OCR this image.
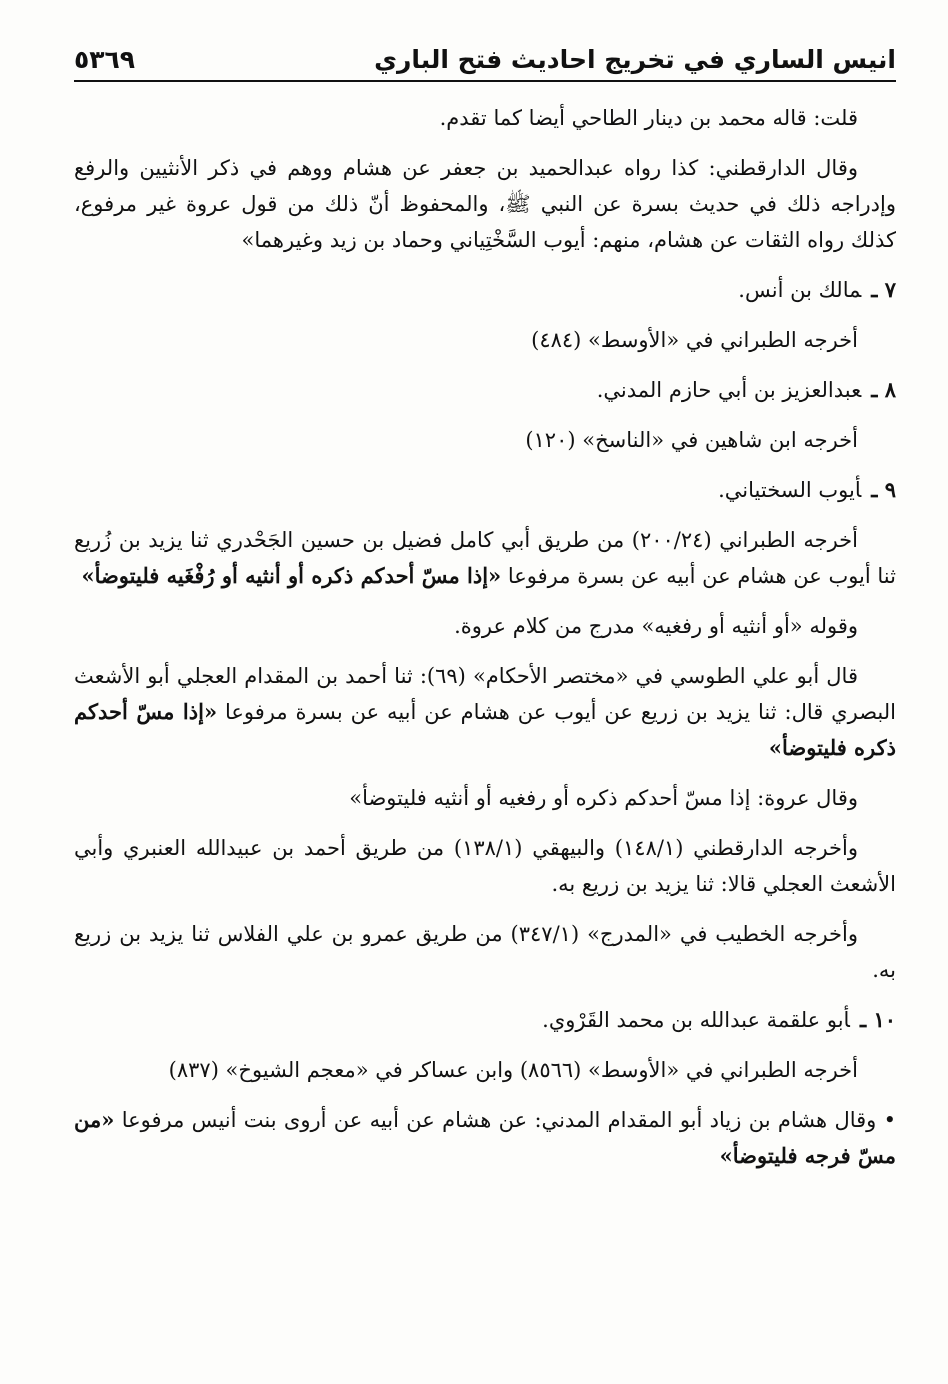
انيس الساري في تخريج احاديث فتح الباري
٥٣٦٩

قلت: قاله محمد بن دينار الطاحي أيضا كما تقدم.

وقال الدارقطني: كذا رواه عبدالحميد بن جعفر عن هشام ووهم في ذكر الأنثيين والرفع وإدراجه ذلك في حديث بسرة عن النبي ﷺ، والمحفوظ أنّ ذلك من قول عروة غير مرفوع، كذلك رواه الثقات عن هشام، منهم: أيوب السَّخْتِياني وحماد بن زيد وغيرهما»

٧ ـمالك بن أنس.

أخرجه الطبراني في «الأوسط» (٤٨٤)

٨ ـعبدالعزيز بن أبي حازم المدني.

أخرجه ابن شاهين في «الناسخ» (١٢٠)

٩ ـأيوب السختياني.

أخرجه الطبراني (٢٠٠/٢٤) من طريق أبي كامل فضيل بن حسين الجَحْدري ثنا يزيد بن زُريع ثنا أيوب عن هشام عن أبيه عن بسرة مرفوعا «إذا مسّ أحدكم ذكره أو أنثيه أو رُفْغَيه فليتوضأ»

وقوله «أو أنثيه أو رفغيه» مدرج من كلام عروة.

قال أبو علي الطوسي في «مختصر الأحكام» (٦٩): ثنا أحمد بن المقدام العجلي أبو الأشعث البصري قال: ثنا يزيد بن زريع عن أيوب عن هشام عن أبيه عن بسرة مرفوعا «إذا مسّ أحدكم ذكره فليتوضأ»

وقال عروة: إذا مسّ أحدكم ذكره أو رفغيه أو أنثيه فليتوضأ»

وأخرجه الدارقطني (١٤٨/١) والبيهقي (١٣٨/١) من طريق أحمد بن عبيدالله العنبري وأبي الأشعث العجلي قالا: ثنا يزيد بن زريع به.

وأخرجه الخطيب في «المدرج» (٣٤٧/١) من طريق عمرو بن علي الفلاس ثنا يزيد بن زريع به.

١٠ ـأبو علقمة عبدالله بن محمد القَرْوي.

أخرجه الطبراني في «الأوسط» (٨٥٦٦) وابن عساكر في «معجم الشيوخ» (٨٣٧)

• وقال هشام بن زياد أبو المقدام المدني: عن هشام عن أبيه عن أروى بنت أنيس مرفوعا «من مسّ فرجه فليتوضأ»
